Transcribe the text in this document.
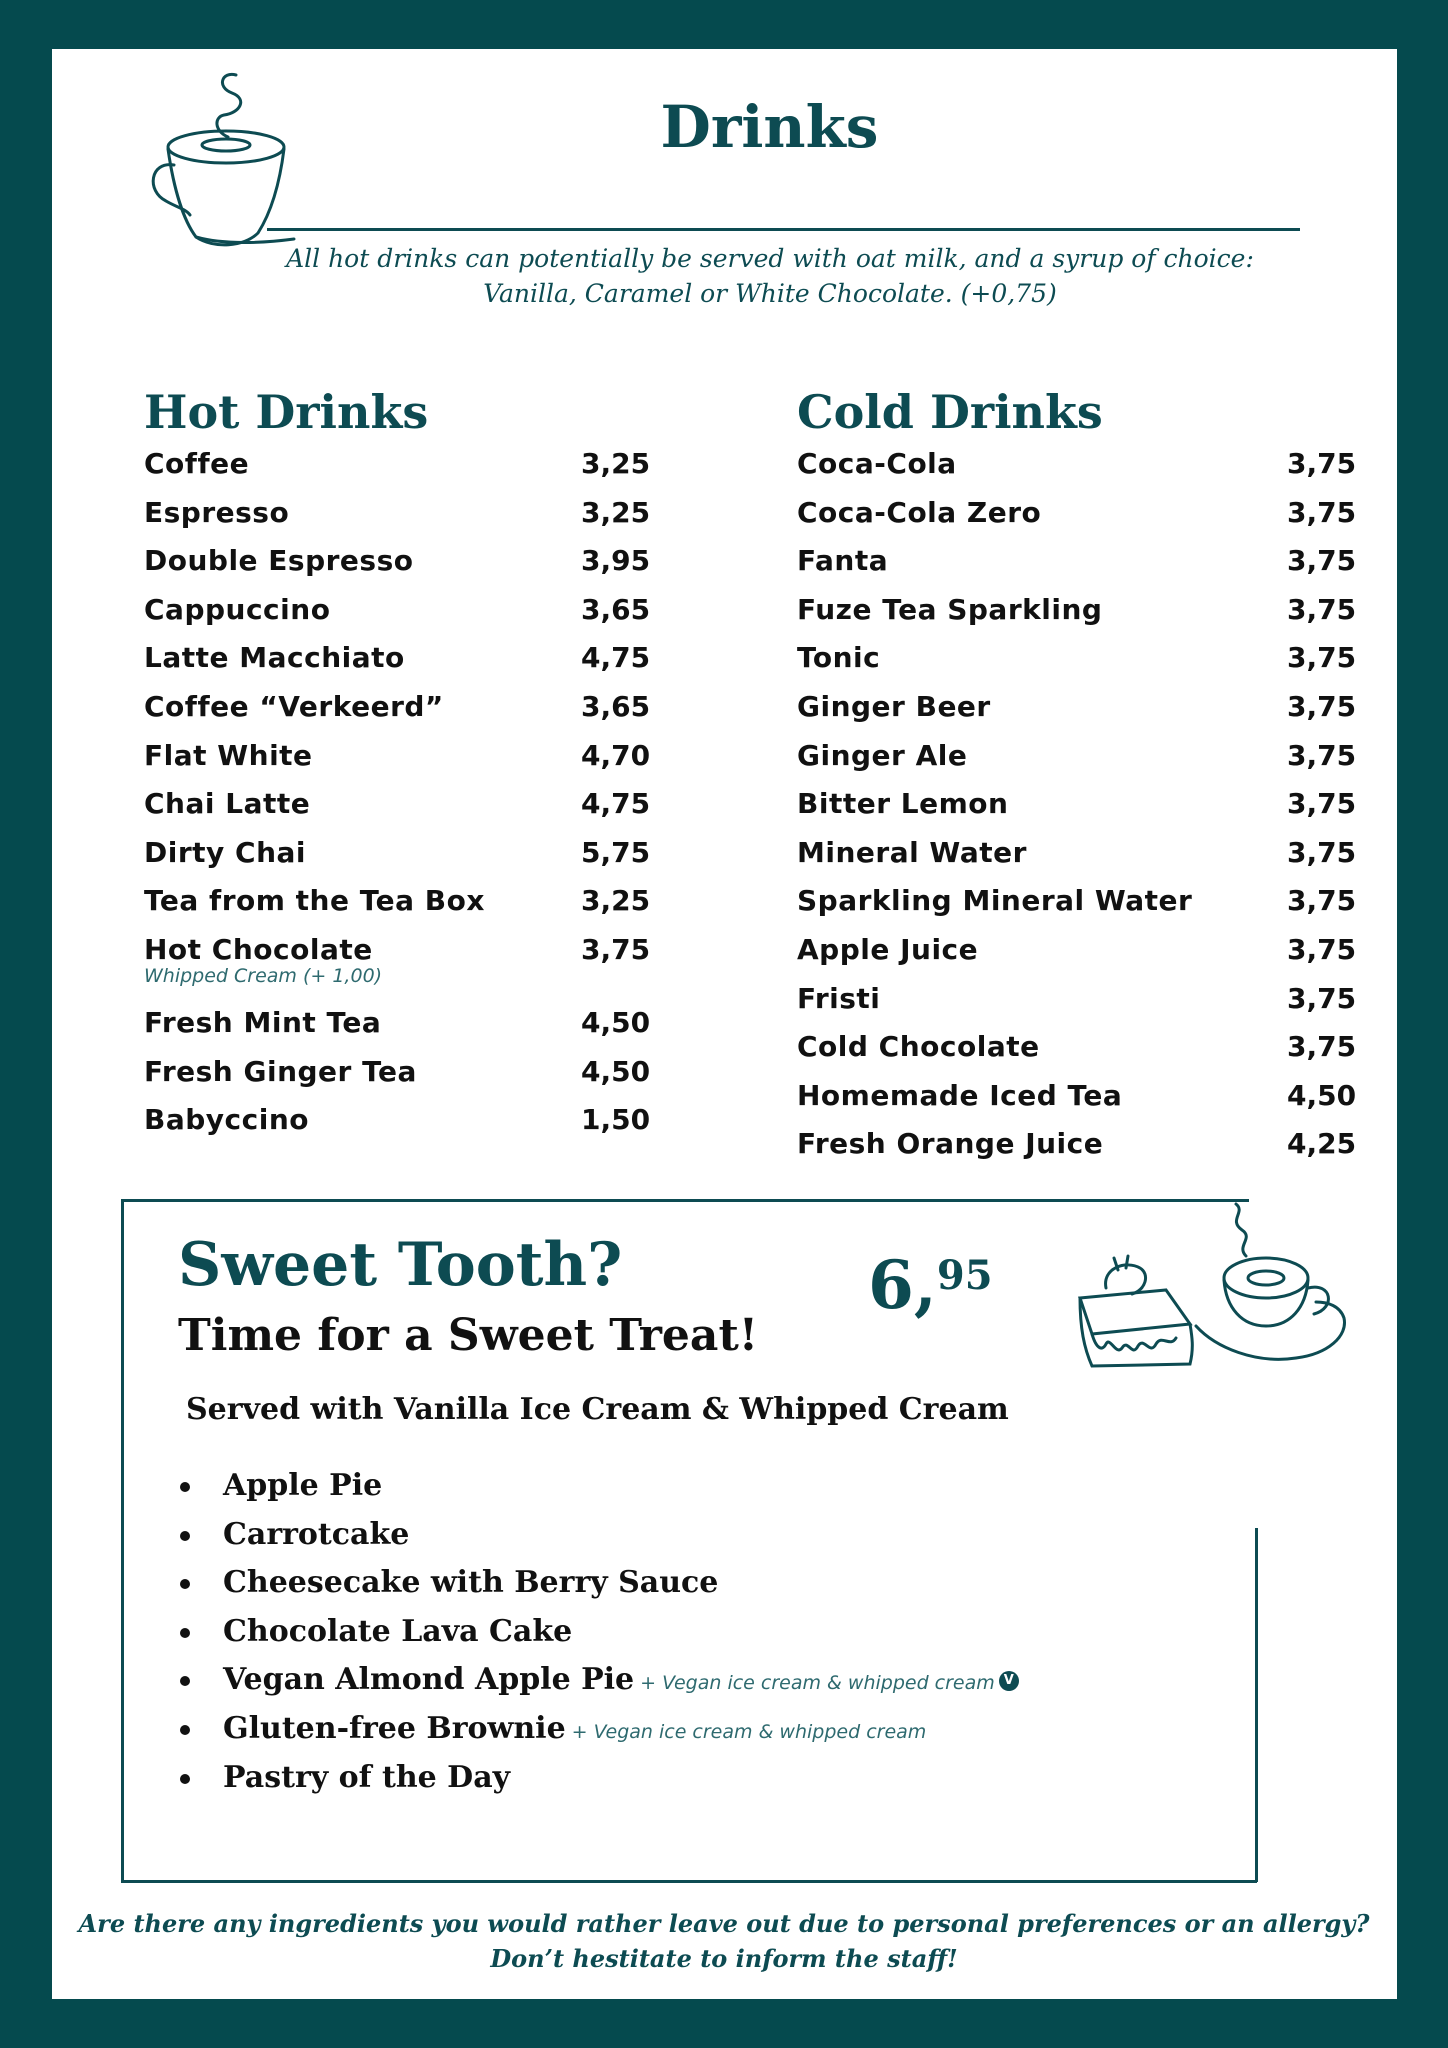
Drinks
All hot drinks can potentially be served with oat milk, and a syrup of choice:
Vanilla, Caramel or White Chocolate. (+0,75)
Hot Drinks
Coffee	3,25
Espresso	3,25
Double Espresso	3,95
Cappuccino	3,65
Latte Macchiato	4,75
Coffee “Verkeerd”	3,65
Flat White	4,70
Chai Latte	4,75
Dirty Chai	5,75
Tea from the Tea Box	3,25
Hot Chocolate	3,75
Whipped Cream (+ 1,00)
Fresh Mint Tea	4,50
Fresh Ginger Tea	4,50
Babyccino	1,50
Cold Drinks
Coca-Cola	3,75
Coca-Cola Zero	3,75
Fanta	3,75
Fuze Tea Sparkling	3,75
Tonic	3,75
Ginger Beer	3,75
Ginger Ale	3,75
Bitter Lemon	3,75
Mineral Water	3,75
Sparkling Mineral Water	3,75
Apple Juice	3,75
Fristi	3,75
Cold Chocolate	3,75
Homemade Iced Tea	4,50
Fresh Orange Juice	4,25
Sweet Tooth?
Time for a Sweet Treat!
6,95

Served with Vanilla Ice Cream & Whipped Cream

Apple Pie
Carrotcake
Cheesecake with Berry Sauce
Chocolate Lava Cake
Vegan Almond Apple Pie + Vegan ice cream & whipped cream V
Gluten-free Brownie + Vegan ice cream & whipped cream
Pastry of the Day
Are there any ingredients you would rather leave out due to personal preferences or an allergy?
Don’t hestitate to inform the staff!
